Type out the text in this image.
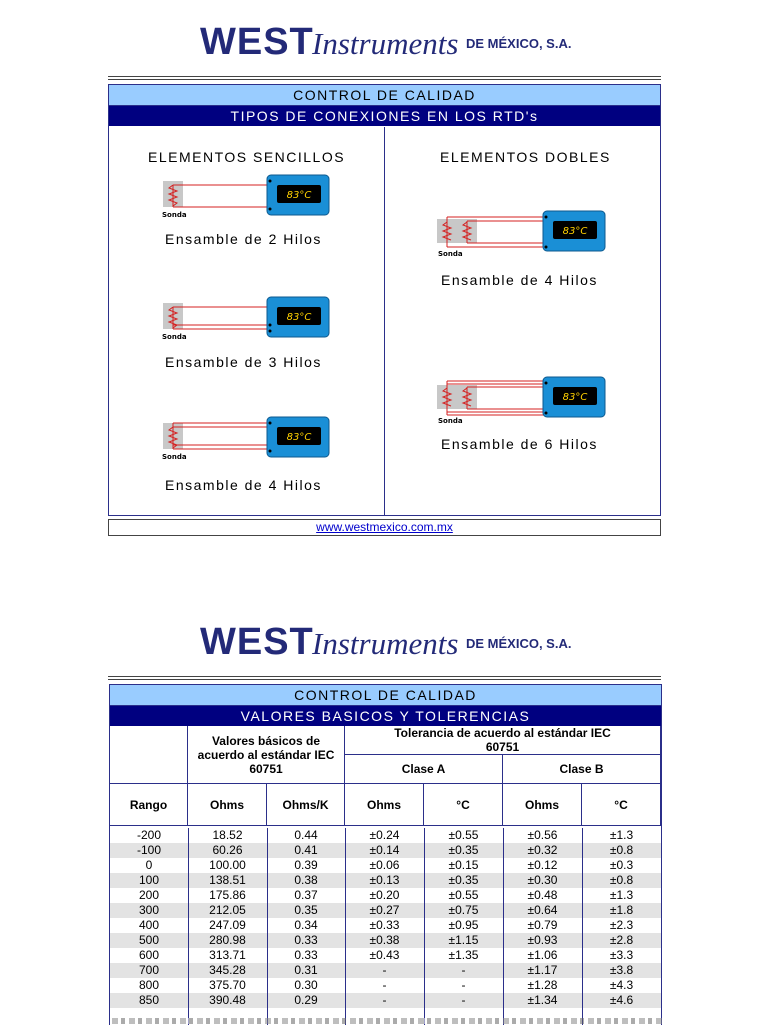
WEST
Instruments DE MÉXICO, S.A.
CONTROL DE CALIDAD
TIPOS DE CONEXIONES EN LOS RTD's
ELEMENTOS SENCILLOS	ELEMENTOS DOBLES
83°C
Sonda
Ensamble de 2 Hilos
83°C
Sonda
Ensamble de 3 Hilos
83°C
Sonda
Ensamble de 4 Hilos
83°C
Sonda
Ensamble de 4 Hilos
83°C
Sonda
Ensamble de 6 Hilos
www.westmexico.com.mx
WEST
Instruments DE MÉXICO, S.A.
CONTROL DE CALIDAD
VALORES BASICOS Y TOLERENCIAS
Valores básicos de acuerdo al estándar IEC 60751
Tolerancia de acuerdo al estándar IEC 60751
Clase A	Clase B
Rango	Ohms	Ohms/K	Ohms	°C	Ohms	°C
-200	18.52	0.44	±0.24	±0.55	±0.56	±1.3
-100	60.26	0.41	±0.14	±0.35	±0.32	±0.8
0	100.00	0.39	±0.06	±0.15	±0.12	±0.3
100	138.51	0.38	±0.13	±0.35	±0.30	±0.8
200	175.86	0.37	±0.20	±0.55	±0.48	±1.3
300	212.05	0.35	±0.27	±0.75	±0.64	±1.8
400	247.09	0.34	±0.33	±0.95	±0.79	±2.3
500	280.98	0.33	±0.38	±1.15	±0.93	±2.8
600	313.71	0.33	±0.43	±1.35	±1.06	±3.3
700	345.28	0.31	-	-	±1.17	±3.8
800	375.70	0.30	-	-	±1.28	±4.3
850	390.48	0.29	-	-	±1.34	±4.6
